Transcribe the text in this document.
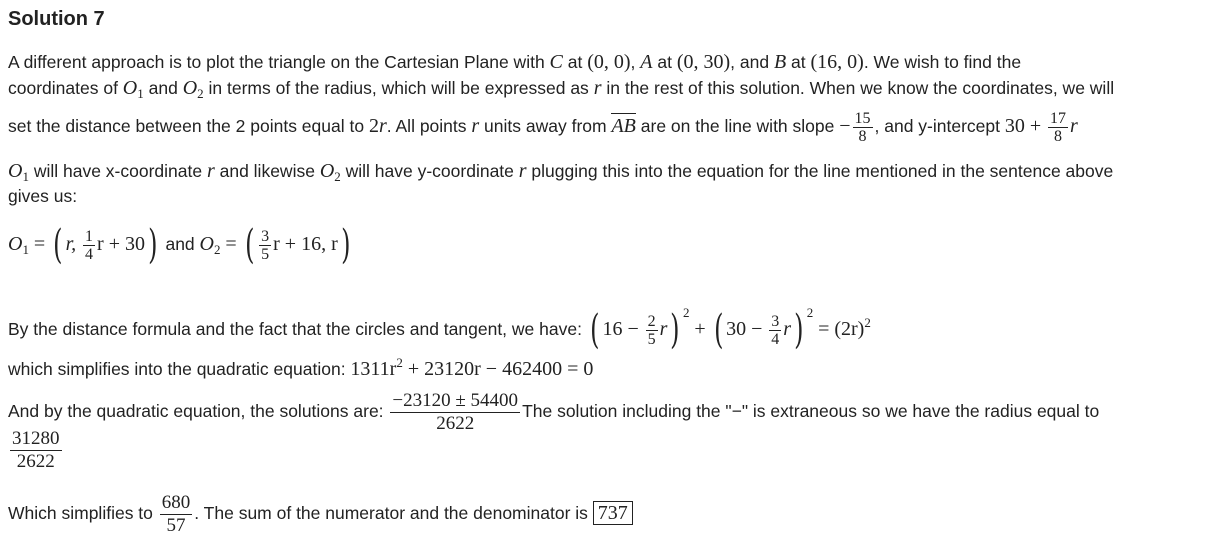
Solution 7
A different approach is to plot the triangle on the Cartesian Plane with C at (0, 0), A at (0, 30), and B at (16, 0). We wish to find the
coordinates of $O_1$ and $O_2$ in terms of the radius, which will be expressed as r in the rest of this solution. When we know the coordinates, we will
set the distance between the 2 points equal to 2r. All points r units away from AB are on the line with slope − $\frac{15}{8}$ , and y-intercept $30 + \frac{17}{8}$ r
$O_1$ will have x-coordinate r and likewise $O_2$ will have y-coordinate r plugging this into the equation for the line mentioned in the sentence above
gives us:
$O_1$ = ( r, $\frac{1}{4}$ r + 30) and $O_2$ = ( $\frac{3}{5}$ r + 16, r)
By the distance formula and the fact that the circles and tangent, we have: ( $16 - \frac{2}{5} r$) $^2$ + ( $30 - \frac{3}{4} r$) $^2 = (2r)^2$
which simplifies into the quadratic equation: $1311r^2 + 23120r - 462400 = 0$
And by the quadratic equation, the solutions are: $\frac{-23120 \pm 54400}{2622}$ The solution including the "−" is extraneous so we have the radius equal to
$\frac{31280}{2622}$
Which simplifies to $\frac{680}{57}$ . The sum of the numerator and the denominator is 737
